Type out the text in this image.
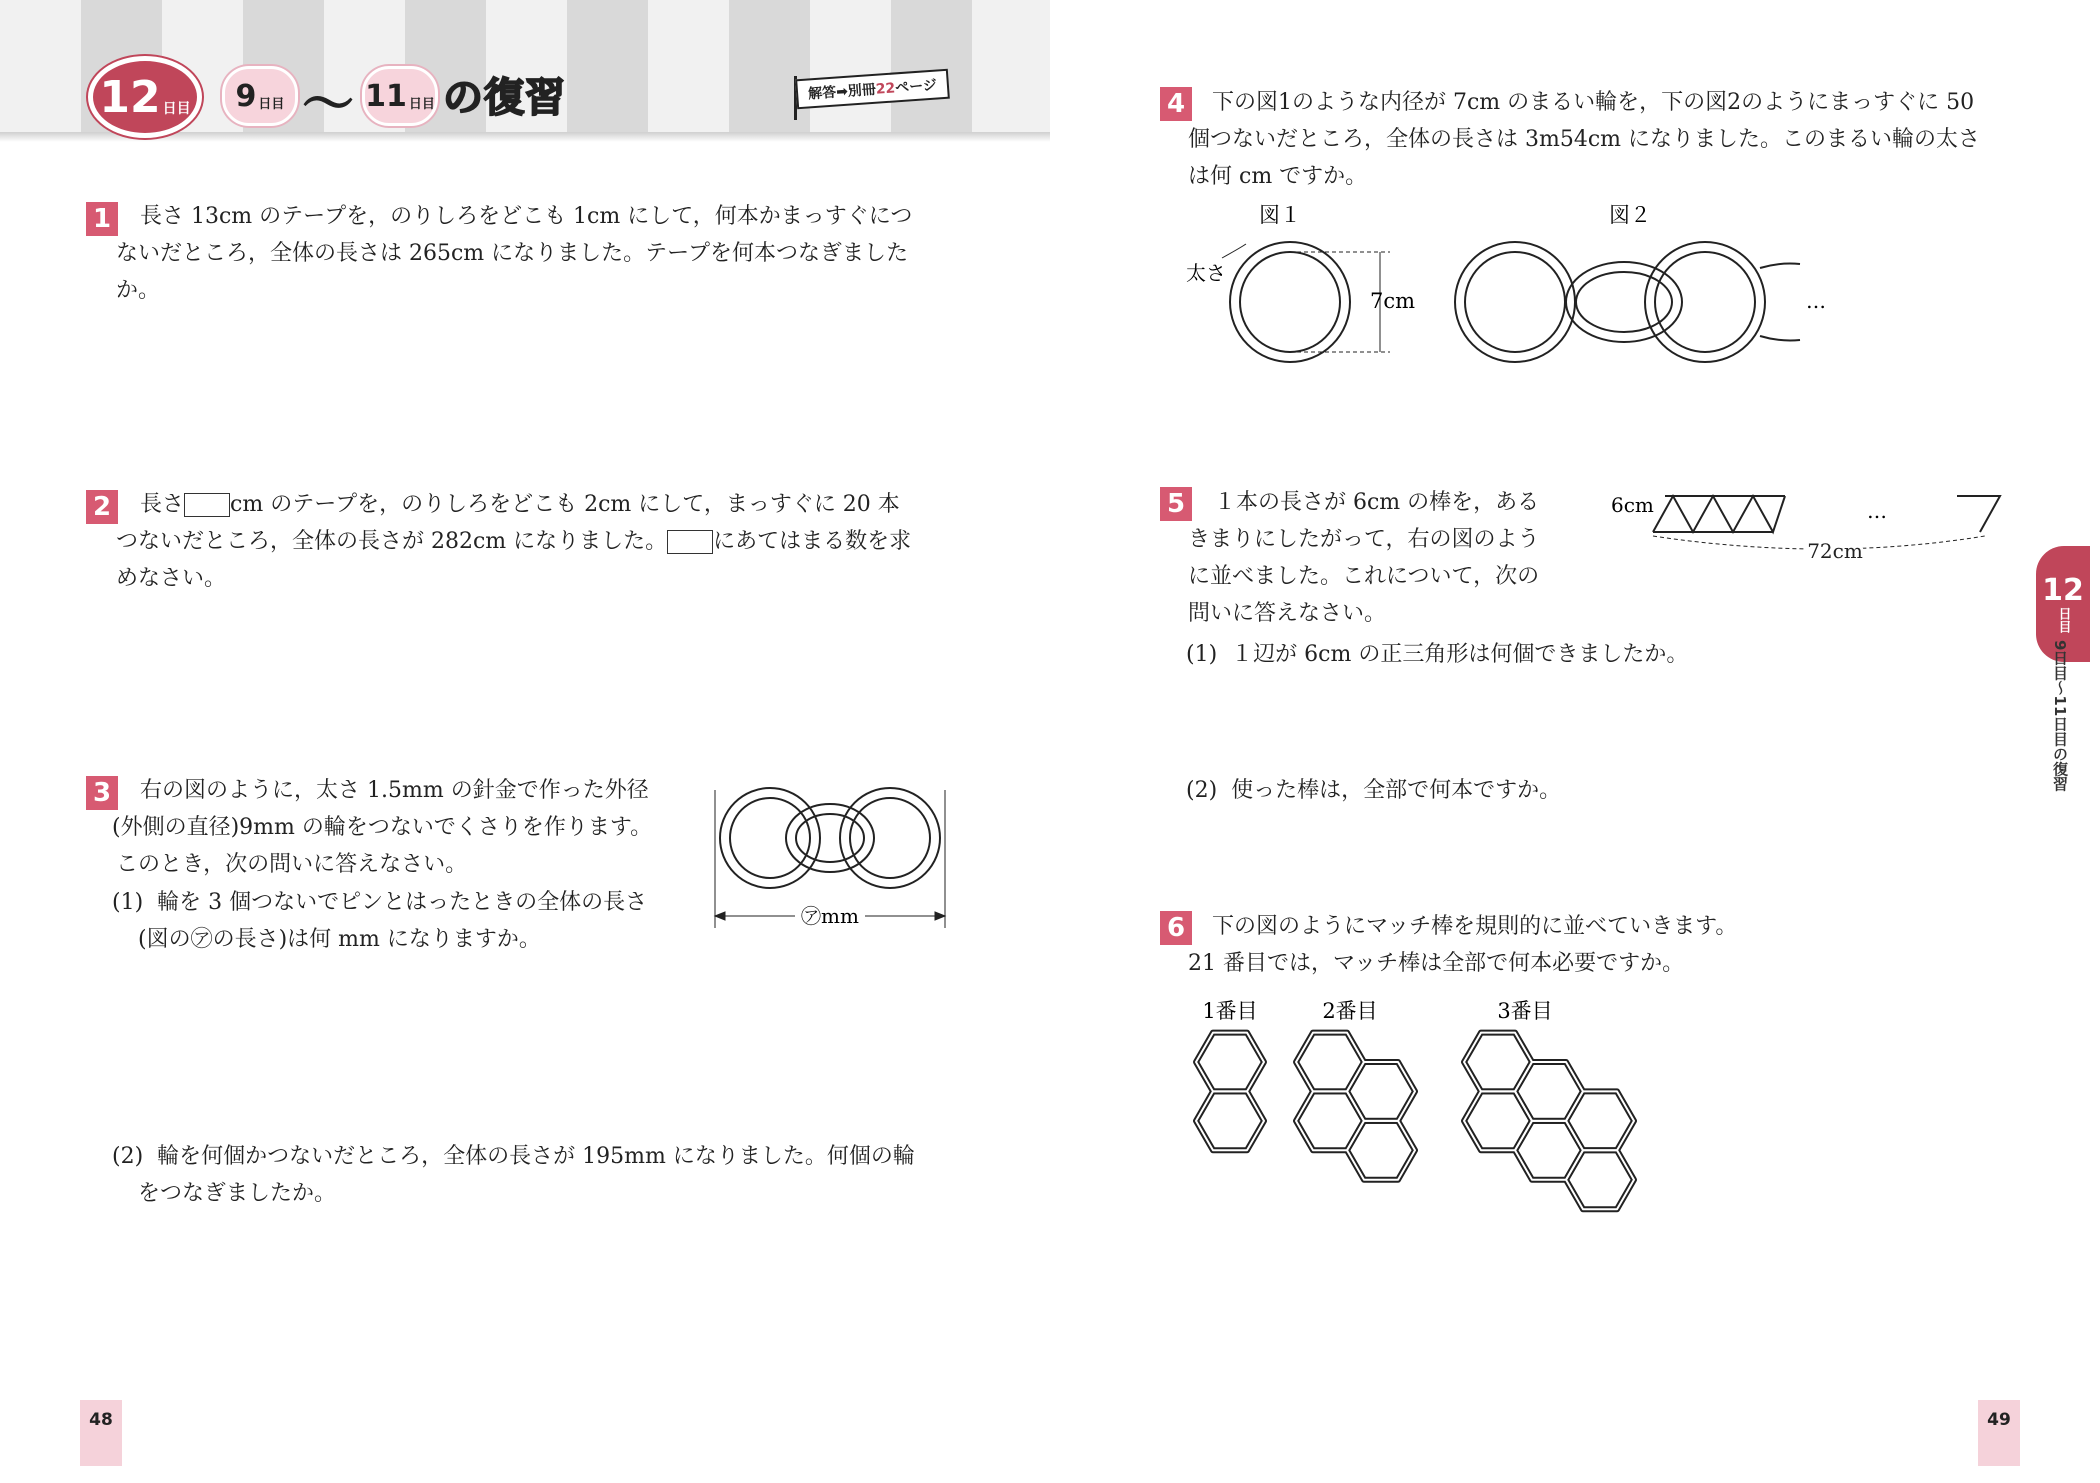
12 日目 9 日目 〜 11 日目 の復習	解答➡別冊22ページ
1	長さ 13cm のテープを，のりしろをどこも 1cm にして，何本かまっすぐにつ
ないだところ，全体の長さは 265cm になりました。テープを何本つなぎました
か。
2	長さ cm のテープを，のりしろをどこも 2cm にして，まっすぐに 20 本
つないだところ，全体の長さが 282cm になりました。 にあてはまる数を求
めなさい。
3	右の図のように，太さ 1.5mm の針金で作った外径
(外側の直径)9mm の輪をつないでくさりを作ります。
このとき，次の問いに答えなさい。
(1) 輪を 3 個つないでピンとはったときの全体の長さ
(図の㋐の長さ)は何 mm になりますか。
㋐mm
(2) 輪を何個かつないだところ，全体の長さが 195mm になりました。何個の輪
をつなぎましたか。
48
4	下の図1のような内径が 7cm のまるい輪を，下の図2のようにまっすぐに 50
個つないだところ，全体の長さは 3m54cm になりました。このまるい輪の太さ
は何 cm ですか。
図１	図２
太さ
7cm	…
5	１本の長さが 6cm の棒を，ある
きまりにしたがって，右の図のよう
に並べました。これについて，次の
問いに答えなさい。
6cm	…
72cm
(1) １辺が 6cm の正三角形は何個できましたか。
(2) 使った棒は，全部で何本ですか。
6	下の図のようにマッチ棒を規則的に並べていきます。
21 番目では，マッチ棒は全部で何本必要ですか。
1番目	2番目	3番目
12
日目
9日目〜11日目の復習
49
